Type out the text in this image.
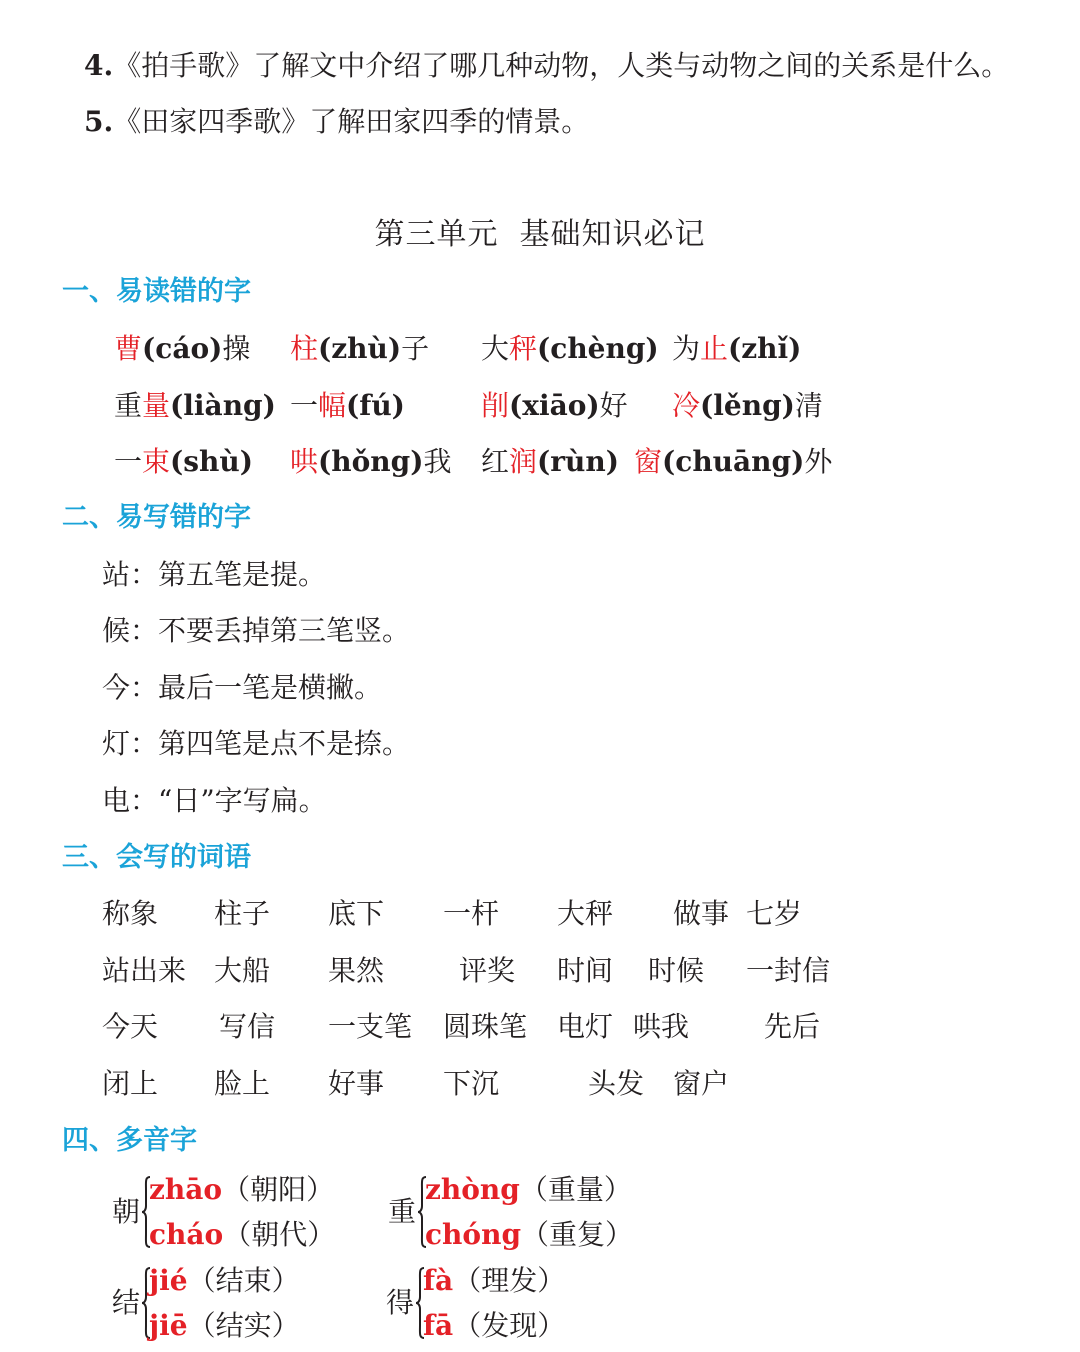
4.《拍手歌》了解文中介绍了哪几种动物，人类与动物之间的关系是什么。
5.《田家四季歌》了解田家四季的情景。
第三单元  基础知识必记
一、易读错的字
曹(cáo)操 柱(zhù)子 大秤(chèng) 为止(zhǐ)
重量(liàng) 一幅(fú)	削(xiāo)好 冷(lěng)清
一束(shù) 哄(hǒng)我 红润(rùn) 窗(chuāng)外
二、易写错的字
站：第五笔是提。
候：不要丢掉第三笔竖。
今：最后一笔是横撇。
灯：第四笔是点不是捺。
电：“日”字写扁。
三、会写的词语
称象 柱子 底下 一杆 大秤 做事 七岁
站出来 大船 果然	评奖 时间 时候 一封信
今天 写信 一支笔 圆珠笔 电灯 哄我	先后
闭上 脸上 好事 下沉	头发 窗户
四、多音字
朝
zhāo（朝阳）
cháo（朝代）
重
zhòng（重量）
chóng（重复）
结
jié（结束）
jiē（结实）
得
fà（理发）
fā（发现）
